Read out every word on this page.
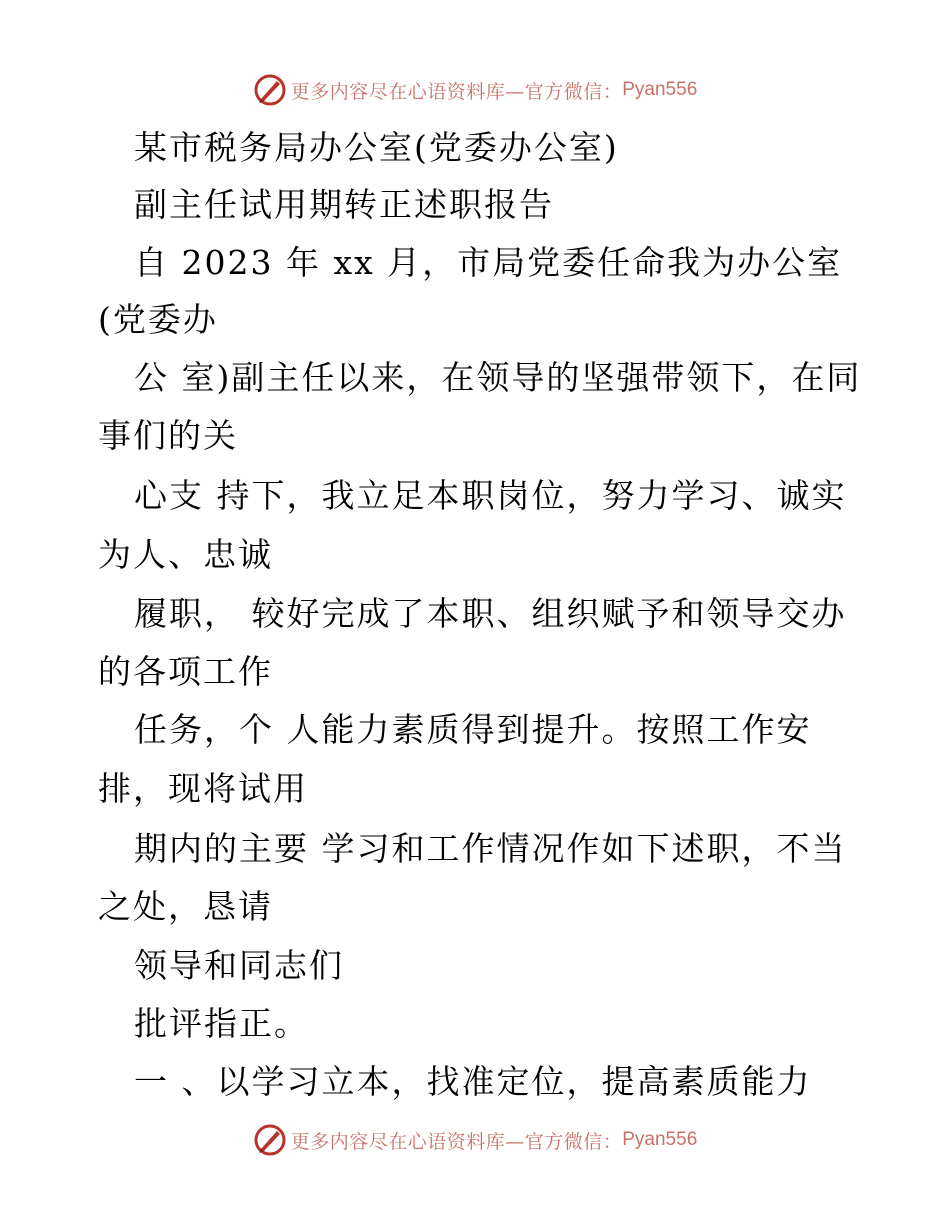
更多内容尽在心语资料库—官方微信： Pyan556
某市税务局办公室(党委办公室)
副主任试用期转正述职报告
自 2023 年 xx 月，市局党委任命我为办公室
(党委办
公 室)副主任以来，在领导的坚强带领下，在同
事们的关
心支 持下，我立足本职岗位，努力学习、诚实
为人、忠诚
履职， 较好完成了本职、组织赋予和领导交办
的各项工作
任务，个 人能力素质得到提升。按照工作安
排，现将试用
期内的主要 学习和工作情况作如下述职，不当
之处，恳请
领导和同志们
批评指正。
一 、以学习立本，找准定位，提高素质能力
更多内容尽在心语资料库—官方微信： Pyan556
